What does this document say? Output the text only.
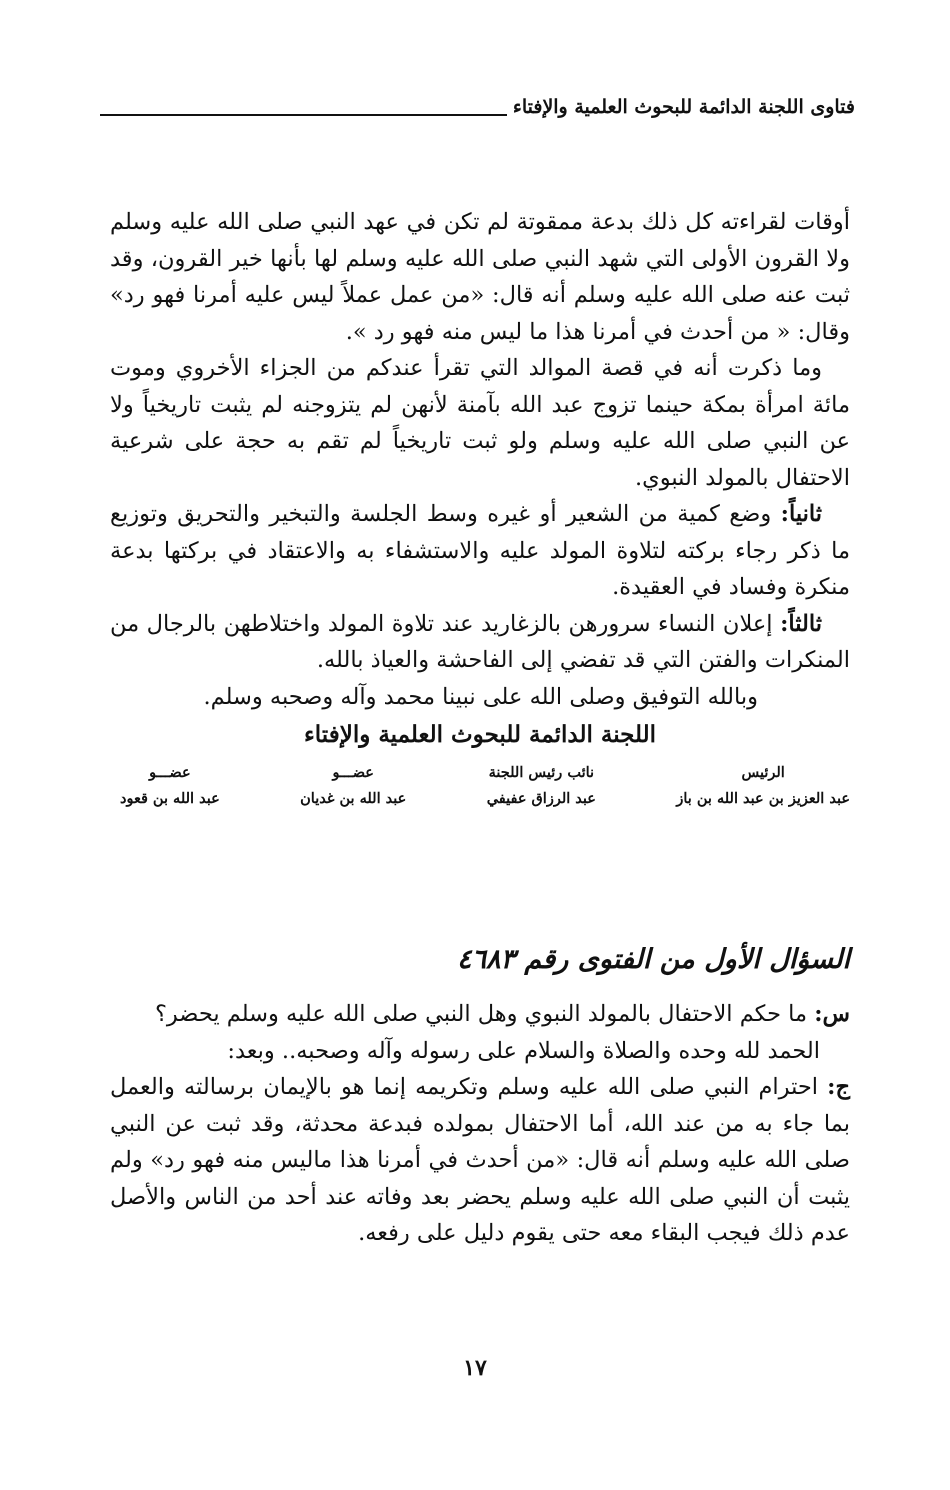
فتاوى اللجنة الدائمة للبحوث العلمية والإفتاء

أوقات لقراءته كل ذلك بدعة ممقوتة لم تكن في عهد النبي صلى الله عليه وسلم ولا القرون الأولى التي شهد النبي صلى الله عليه وسلم لها بأنها خير القرون، وقد ثبت عنه صلى الله عليه وسلم أنه قال: «من عمل عملاً ليس عليه أمرنا فهو رد» وقال: « من أحدث في أمرنا هذا ما ليس منه فهو رد ».

وما ذكرت أنه في قصة الموالد التي تقرأ عندكم من الجزاء الأخروي وموت مائة امرأة بمكة حينما تزوج عبد الله بآمنة لأنهن لم يتزوجنه لم يثبت تاريخياً ولا عن النبي صلى الله عليه وسلم ولو ثبت تاريخياً لم تقم به حجة على شرعية الاحتفال بالمولد النبوي.

ثانياً: وضع كمية من الشعير أو غيره وسط الجلسة والتبخير والتحريق وتوزيع ما ذكر رجاء بركته لتلاوة المولد عليه والاستشفاء به والاعتقاد في بركتها بدعة منكرة وفساد في العقيدة.

ثالثاً: إعلان النساء سرورهن بالزغاريد عند تلاوة المولد واختلاطهن بالرجال من المنكرات والفتن التي قد تفضي إلى الفاحشة والعياذ بالله.

وبالله التوفيق وصلى الله على نبينا محمد وآله وصحبه وسلم.

اللجنة الدائمة للبحوث العلمية والإفتاء

الرئيس
عبد العزيز بن عبد الله بن باز
نائب رئيس اللجنة
عبد الرزاق عفيفي
عضـــو
عبد الله بن غديان
عضـــو
عبد الله بن قعود
السؤال الأول من الفتوى رقم ٤٦٨٣

س: ما حكم الاحتفال بالمولد النبوي وهل النبي صلى الله عليه وسلم يحضر؟

الحمد لله وحده والصلاة والسلام على رسوله وآله وصحبه.. وبعد:

ج: احترام النبي صلى الله عليه وسلم وتكريمه إنما هو بالإيمان برسالته والعمل بما جاء به من عند الله، أما الاحتفال بمولده فبدعة محدثة، وقد ثبت عن النبي صلى الله عليه وسلم أنه قال: «من أحدث في أمرنا هذا ماليس منه فهو رد» ولم يثبت أن النبي صلى الله عليه وسلم يحضر بعد وفاته عند أحد من الناس والأصل عدم ذلك فيجب البقاء معه حتى يقوم دليل على رفعه.

١٧
